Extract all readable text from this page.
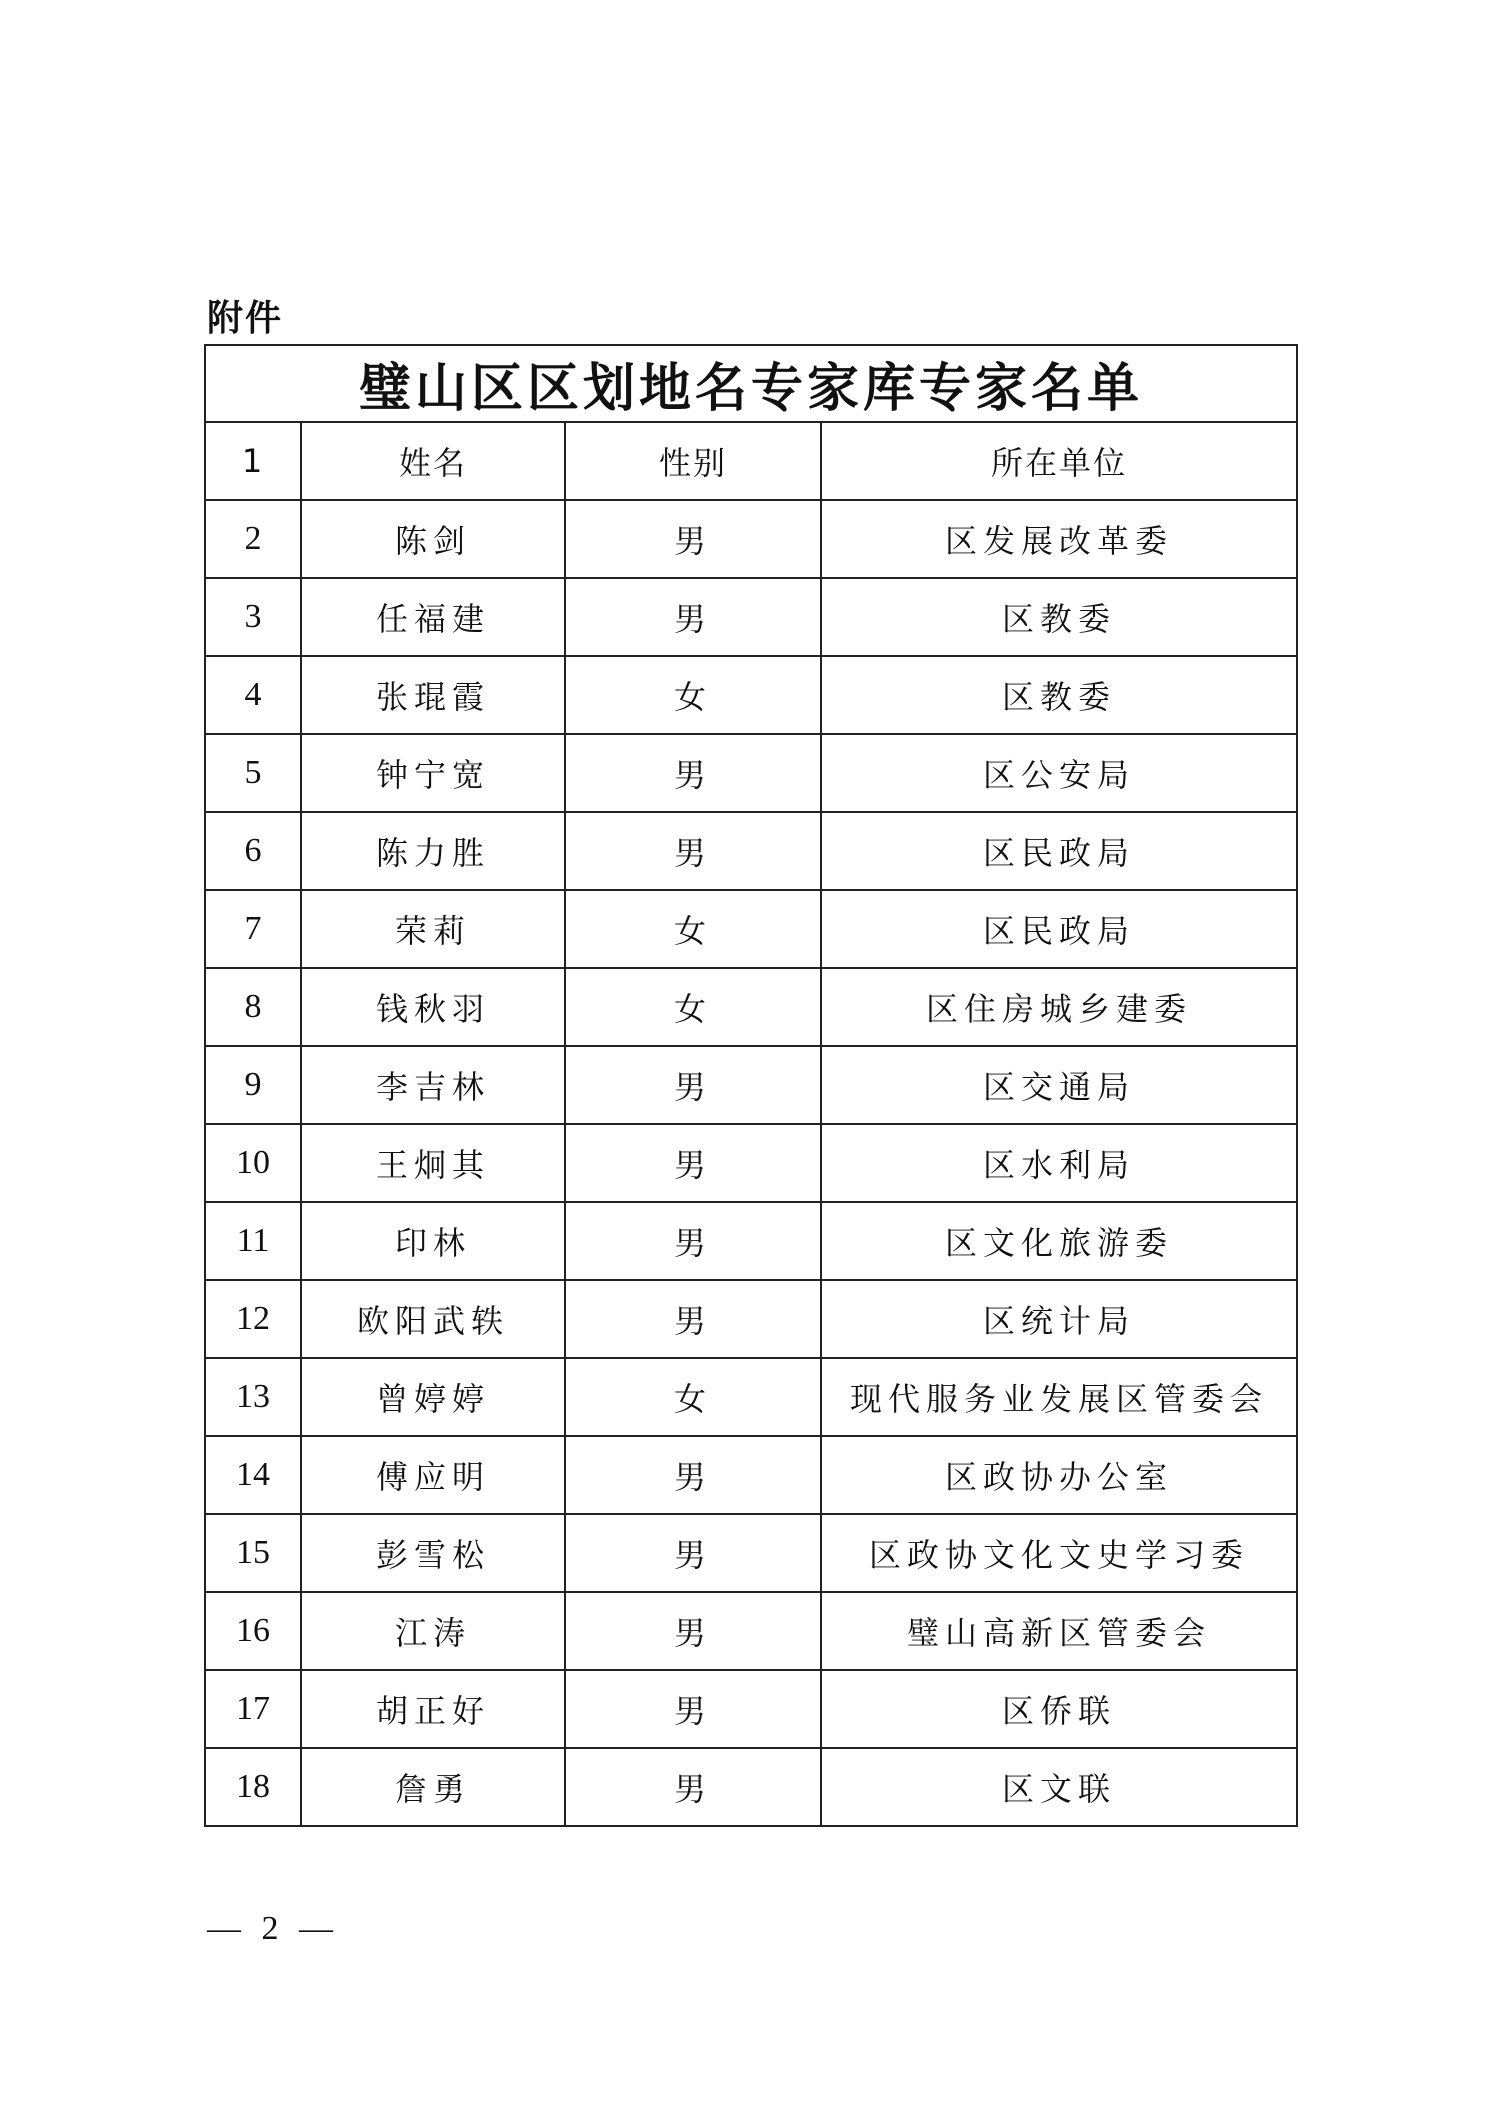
附件
璧山区区划地名专家库专家名单			
1	姓名	性别	所在单位
2	陈剑	男	区发展改革委
3	任福建	男	区教委
4	张琨霞	女	区教委
5	钟宁宽	男	区公安局
6	陈力胜	男	区民政局
7	荣莉	女	区民政局
8	钱秋羽	女	区住房城乡建委
9	李吉林	男	区交通局
10	王炯其	男	区水利局
11	印林	男	区文化旅游委
12	欧阳武轶	男	区统计局
13	曾婷婷	女	现代服务业发展区管委会
14	傅应明	男	区政协办公室
15	彭雪松	男	区政协文化文史学习委
16	江涛	男	璧山高新区管委会
17	胡正好	男	区侨联
18	詹勇	男	区文联
— 2 —
